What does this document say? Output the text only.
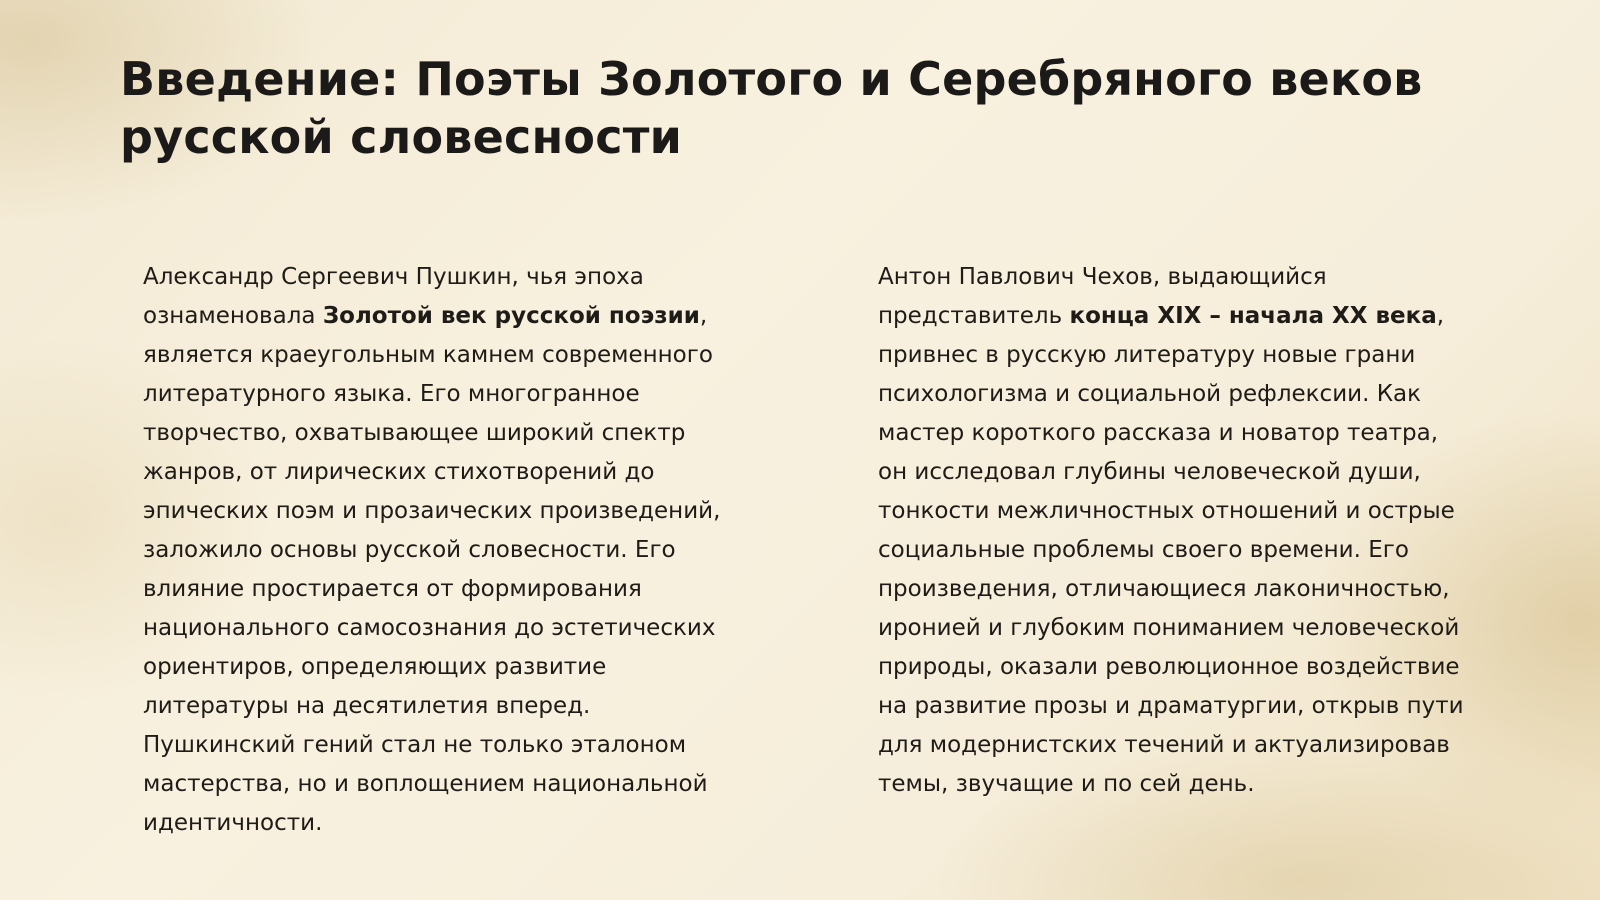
Введение: Поэты Золотого и Серебряного веков русской словесности
Александр Сергеевич Пушкин, чья эпоха ознаменовала Золотой век русской поэзии, является краеугольным камнем современного литературного языка. Его многогранное творчество, охватывающее широкий спектр жанров, от лирических стихотворений до эпических поэм и прозаических произведений, заложило основы русской словесности. Его влияние простирается от формирования национального самосознания до эстетических ориентиров, определяющих развитие литературы на десятилетия вперед. Пушкинский гений стал не только эталоном мастерства, но и воплощением национальной идентичности.
Антон Павлович Чехов, выдающийся представитель конца XIX – начала XX века, привнес в русскую литературу новые грани психологизма и социальной рефлексии. Как мастер короткого рассказа и новатор театра, он исследовал глубины человеческой души, тонкости межличностных отношений и острые социальные проблемы своего времени. Его произведения, отличающиеся лаконичностью, иронией и глубоким пониманием человеческой природы, оказали революционное воздействие на развитие прозы и драматургии, открыв пути для модернистских течений и актуализировав темы, звучащие и по сей день.
